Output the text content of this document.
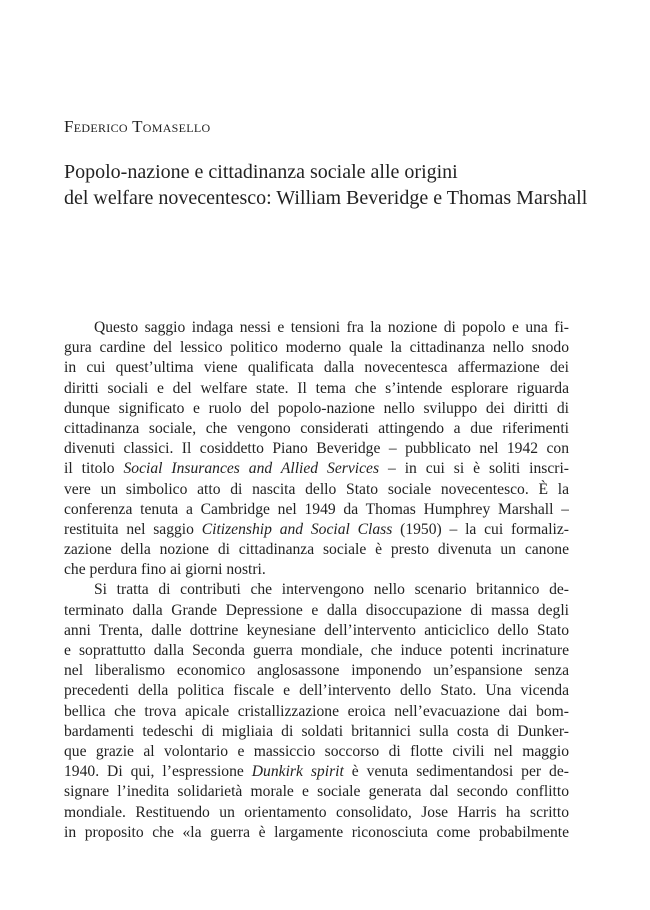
Federico Tomasello
Popolo-nazione e cittadinanza sociale alle origini
del welfare novecentesco: William Beveridge e Thomas Marshall
Questo saggio indaga nessi e tensioni fra la nozione di popolo e una fi-
gura cardine del lessico politico moderno quale la cittadinanza nello snodo
in cui quest’ultima viene qualificata dalla novecentesca affermazione dei
diritti sociali e del welfare state. Il tema che s’intende esplorare riguarda
dunque significato e ruolo del popolo-nazione nello sviluppo dei diritti di
cittadinanza sociale, che vengono considerati attingendo a due riferimenti
divenuti classici. Il cosiddetto Piano Beveridge – pubblicato nel 1942 con
il titolo Social Insurances and Allied Services – in cui si è soliti inscri-
vere un simbolico atto di nascita dello Stato sociale novecentesco. È la
conferenza tenuta a Cambridge nel 1949 da Thomas Humphrey Marshall –
restituita nel saggio Citizenship and Social Class (1950) – la cui formaliz-
zazione della nozione di cittadinanza sociale è presto divenuta un canone
che perdura fino ai giorni nostri.
Si tratta di contributi che intervengono nello scenario britannico de-
terminato dalla Grande Depressione e dalla disoccupazione di massa degli
anni Trenta, dalle dottrine keynesiane dell’intervento anticiclico dello Stato
e soprattutto dalla Seconda guerra mondiale, che induce potenti incrinature
nel liberalismo economico anglosassone imponendo un’espansione senza
precedenti della politica fiscale e dell’intervento dello Stato. Una vicenda
bellica che trova apicale cristallizzazione eroica nell’evacuazione dai bom-
bardamenti tedeschi di migliaia di soldati britannici sulla costa di Dunker-
que grazie al volontario e massiccio soccorso di flotte civili nel maggio
1940. Di qui, l’espressione Dunkirk spirit è venuta sedimentandosi per de-
signare l’inedita solidarietà morale e sociale generata dal secondo conflitto
mondiale. Restituendo un orientamento consolidato, Jose Harris ha scritto
in proposito che «la guerra è largamente riconosciuta come probabilmente
